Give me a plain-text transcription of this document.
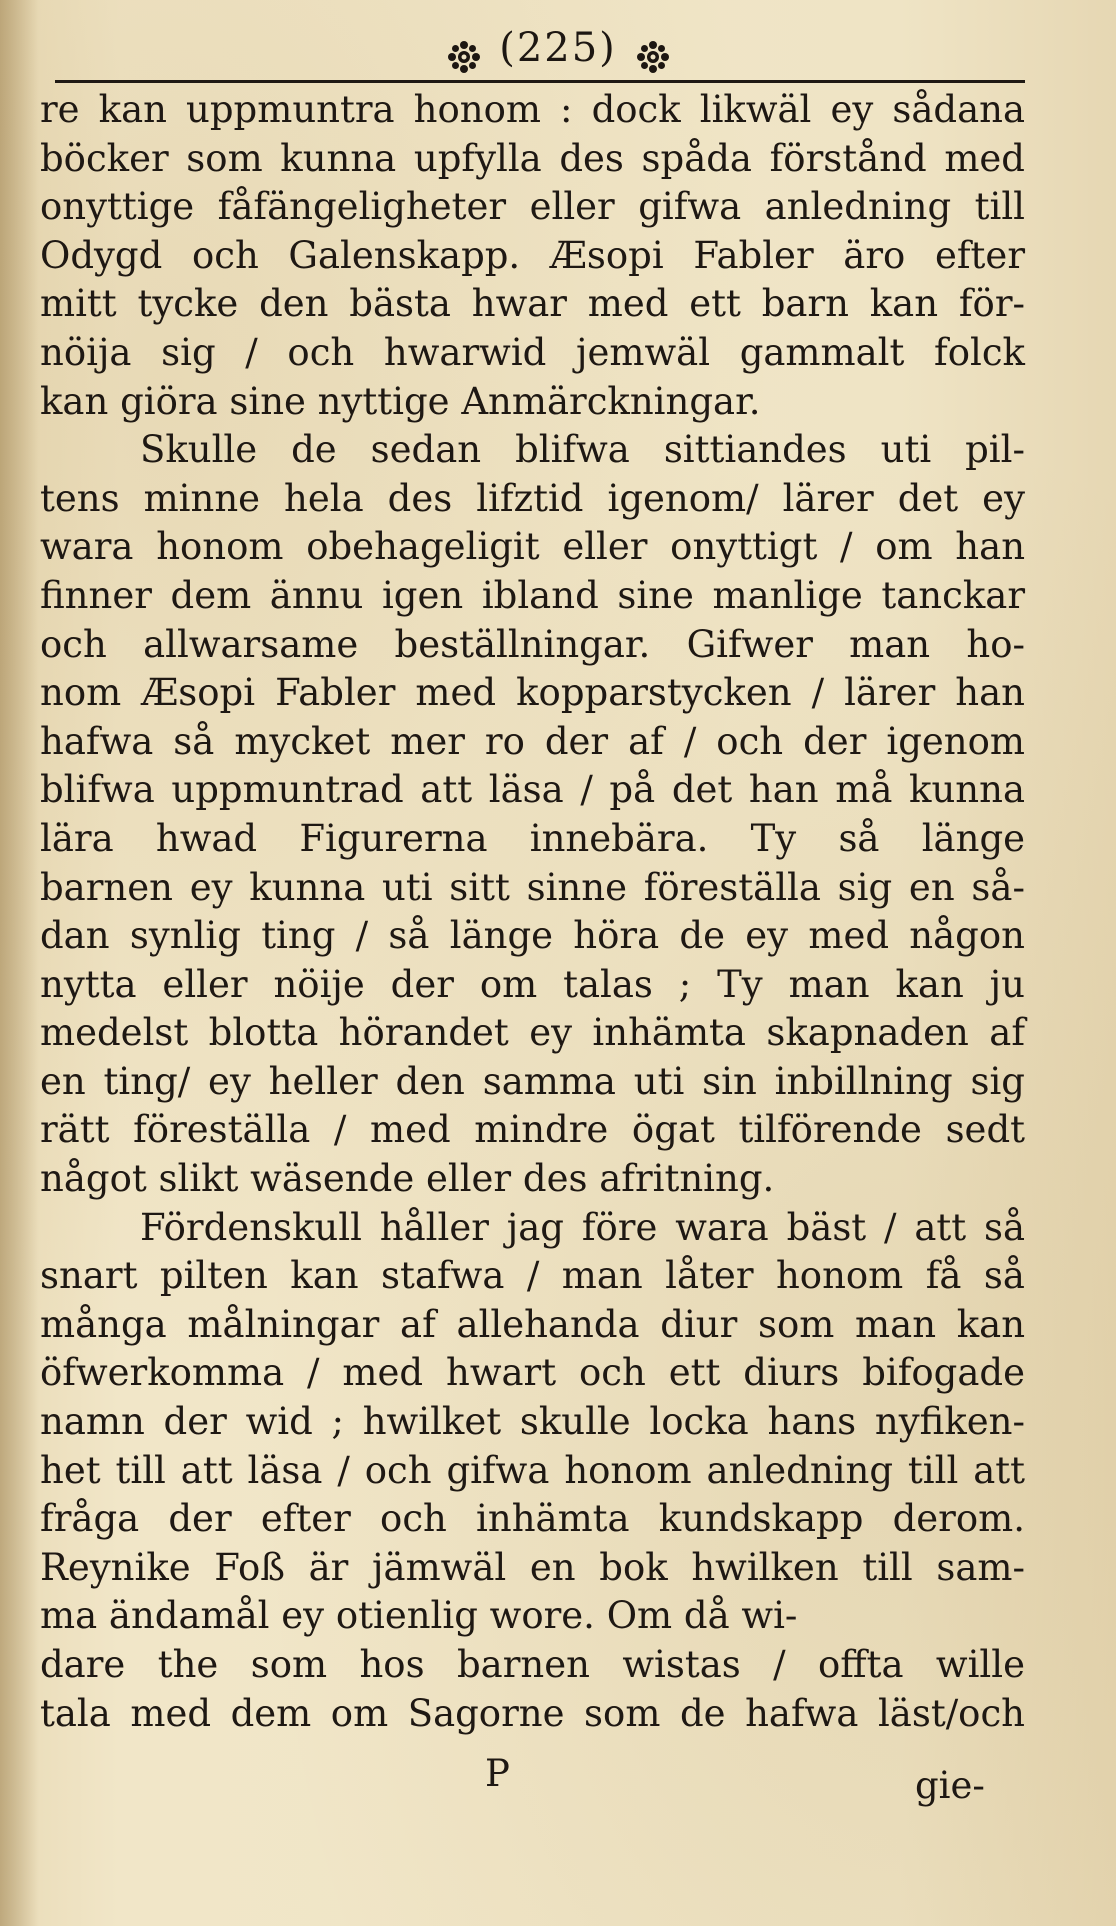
(225)
re kan uppmuntra honom : dock likwäl ey sådana
böcker som kunna upfylla des spåda förstånd med
onyttige fåfängeligheter eller gifwa anledning till
Odygd och Galenskapp. Æsopi Fabler äro efter
mitt tycke den bästa hwar med ett barn kan för-
nöija sig / och hwarwid jemwäl gammalt folck
kan giöra sine nyttige Anmärckningar.
Skulle de sedan blifwa sittiandes uti pil-
tens minne hela des lifztid igenom/ lärer det ey
wara honom obehageligit eller onyttigt / om han
finner dem ännu igen ibland sine manlige tanckar
och allwarsame beställningar. Gifwer man ho-
nom Æsopi Fabler med kopparstycken / lärer han
hafwa så mycket mer ro der af / och der igenom
blifwa uppmuntrad att läsa / på det han må kunna
lära hwad Figurerna innebära. Ty så länge
barnen ey kunna uti sitt sinne föreställa sig en så-
dan synlig ting / så länge höra de ey med någon
nytta eller nöije der om talas ; Ty man kan ju
medelst blotta hörandet ey inhämta skapnaden af
en ting/ ey heller den samma uti sin inbillning sig
rätt föreställa / med mindre ögat tilförende sedt
något slikt wäsende eller des afritning.
Fördenskull håller jag före wara bäst / att så
snart pilten kan stafwa / man låter honom få så
många målningar af allehanda diur som man kan
öfwerkomma / med hwart och ett diurs bifogade
namn der wid ; hwilket skulle locka hans nyfiken-
het till att läsa / och gifwa honom anledning till att
fråga der efter och inhämta kundskapp derom.
Reynike Foß är jämwäl en bok hwilken till sam-
ma ändamål ey otienlig wore. Om då wi-
dare the som hos barnen wistas / offta wille
tala med dem om Sagorne som de hafwa läst/och
P	gie-
